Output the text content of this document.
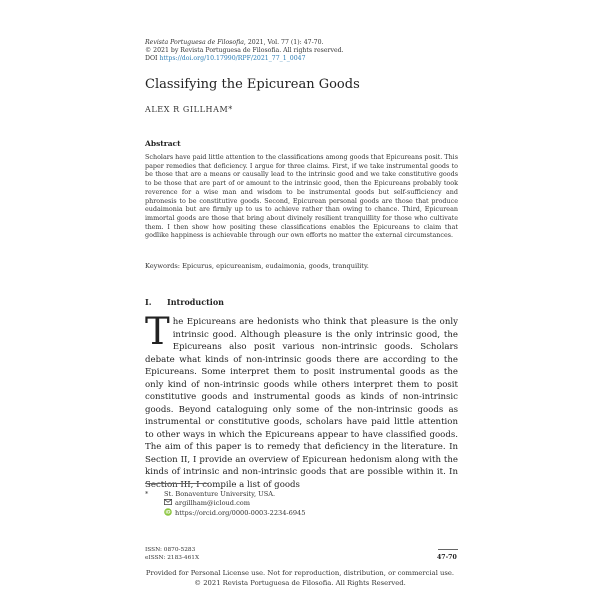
Revista Portuguesa de Filosofia, 2021, Vol. 77 (1): 47-70.
© 2021 by Revista Portuguesa de Filosofia. All rights reserved.
DOI https://doi.org/10.17990/RPF/2021_77_1_0047
Classifying the Epicurean Goods
ALEX R GILLHAM*
Abstract
Scholars have paid little attention to the classifications among goods that Epicureans posit. This paper remedies that deficiency. I argue for three claims. First, if we take instrumental goods to be those that are a means or causally lead to the intrinsic good and we take constitutive goods to be those that are part of or amount to the intrinsic good, then the Epicureans probably took reverence for a wise man and wisdom to be instrumental goods but self-sufficiency and phronesis to be constitutive goods. Second, Epicurean personal goods are those that produce eudaimonia but are firmly up to us to achieve rather than owing to chance. Third, Epicurean immortal goods are those that bring about divinely resilient tranquillity for those who cultivate them. I then show how positing these classifications enables the Epicureans to claim that godlike happiness is achievable through our own efforts no matter the external circumstances.
Keywords: Epicurus, epicureanism, eudaimonia, goods, tranquility.
I. Introduction
The Epicureans are hedonists who think that pleasure is the only intrinsic good. Although pleasure is the only intrinsic good, the Epicureans also posit various non-intrinsic goods. Scholars debate what kinds of non-intrinsic goods there are according to the Epicureans. Some interpret them to posit instrumental goods as the only kind of non-intrinsic goods while others interpret them to posit constitutive goods and instrumental goods as kinds of non-intrinsic goods. Beyond cataloguing only some of the non-intrinsic goods as instrumental or constitutive goods, scholars have paid little attention to other ways in which the Epicureans appear to have classified goods. The aim of this paper is to remedy that deficiency in the literature. In Section II, I provide an overview of Epicurean hedonism along with the kinds of intrinsic and non-intrinsic goods that are possible within it. In Section III, I compile a list of goods
* St. Bonaventure University, USA.
argillham@icloud.com
iD https://orcid.org/0000-0003-2234-6945
ISSN: 0870-5283
eISSN: 2183-461X	47-70
Provided for Personal License use. Not for reproduction, distribution, or commercial use.
© 2021 Revista Portuguesa de Filosofia. All Rights Reserved.
